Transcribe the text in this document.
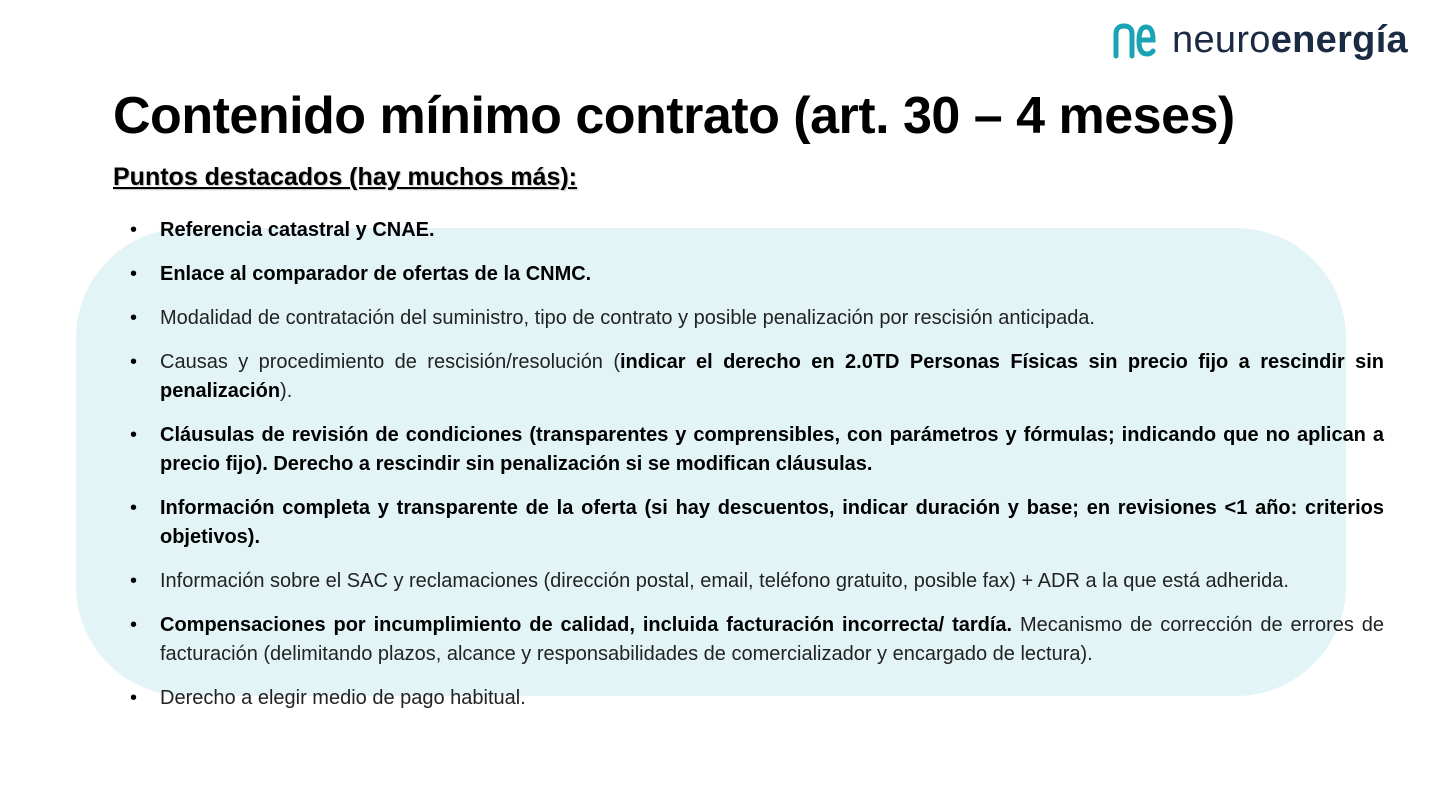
neuroenergía
Contenido mínimo contrato (art. 30 – 4 meses)
Puntos destacados (hay muchos más):
• Referencia catastral y CNAE.
• Enlace al comparador de ofertas de la CNMC.
• Modalidad de contratación del suministro, tipo de contrato y posible penalización por rescisión anticipada.
• Causas y procedimiento de rescisión/resolución (indicar el derecho en 2.0TD Personas Físicas sin precio fijo a rescindir sin penalización).
• Cláusulas de revisión de condiciones (transparentes y comprensibles, con parámetros y fórmulas; indicando que no aplican a precio fijo). Derecho a rescindir sin penalización si se modifican cláusulas.
• Información completa y transparente de la oferta (si hay descuentos, indicar duración y base; en revisiones <1 año: criterios objetivos).
• Información sobre el SAC y reclamaciones (dirección postal, email, teléfono gratuito, posible fax) + ADR a la que está adherida.
• Compensaciones por incumplimiento de calidad, incluida facturación incorrecta/ tardía. Mecanismo de corrección de errores de facturación (delimitando plazos, alcance y responsabilidades de comercializador y encargado de lectura).
• Derecho a elegir medio de pago habitual.
